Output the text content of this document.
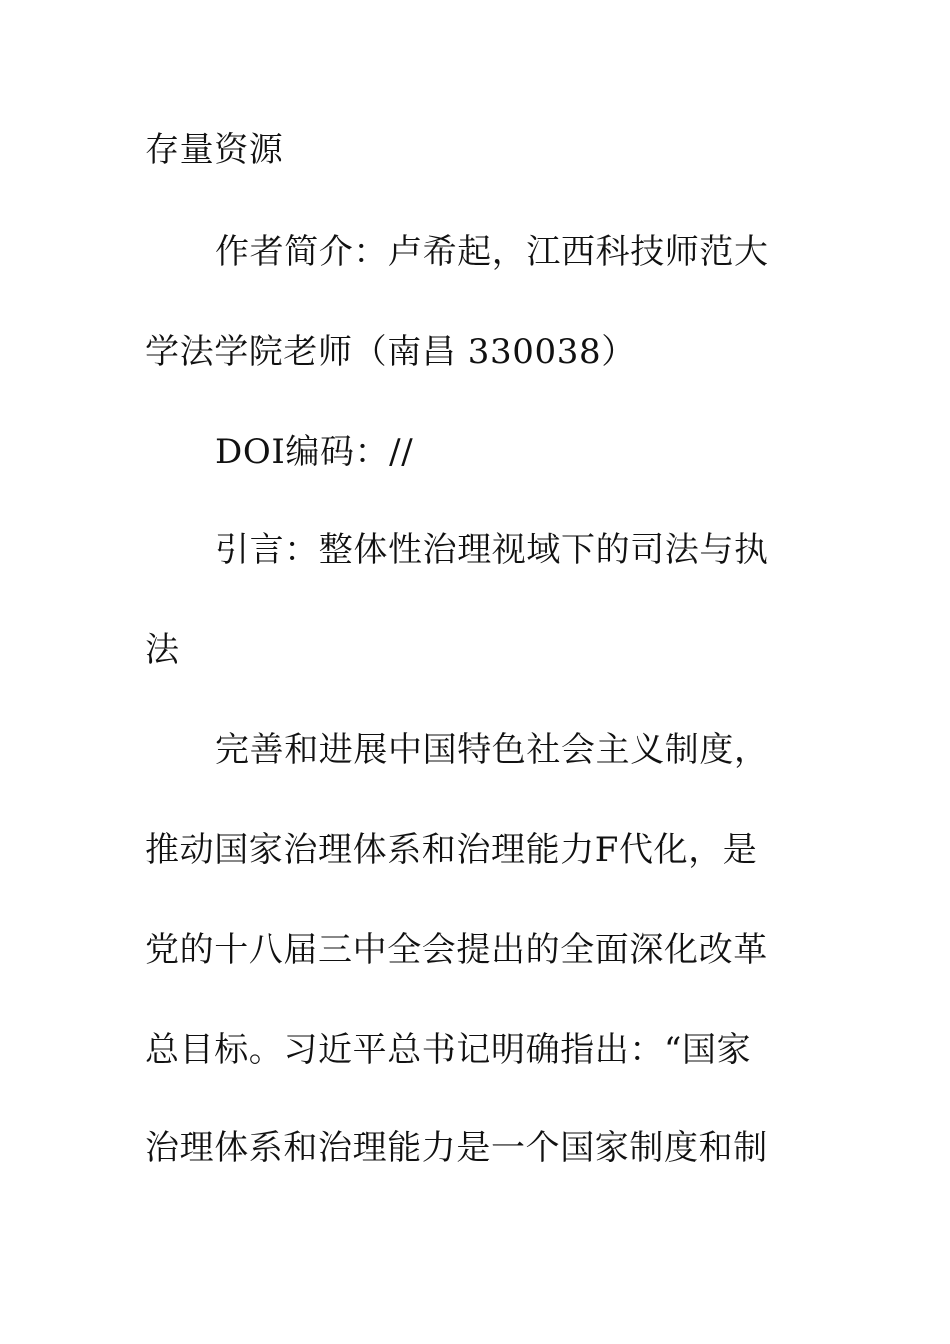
存量资源
作者简介：卢希起，江西科技师范大
学法学院老师（南昌 330038）
DOI编码：//
引言：整体性治理视域下的司法与执
法
完善和进展中国特色社会主义制度，
推动国家治理体系和治理能力F代化，是
党的十八届三中全会提出的全面深化改革
总目标。习近平总书记明确指出：“国家
治理体系和治理能力是一个国家制度和制
